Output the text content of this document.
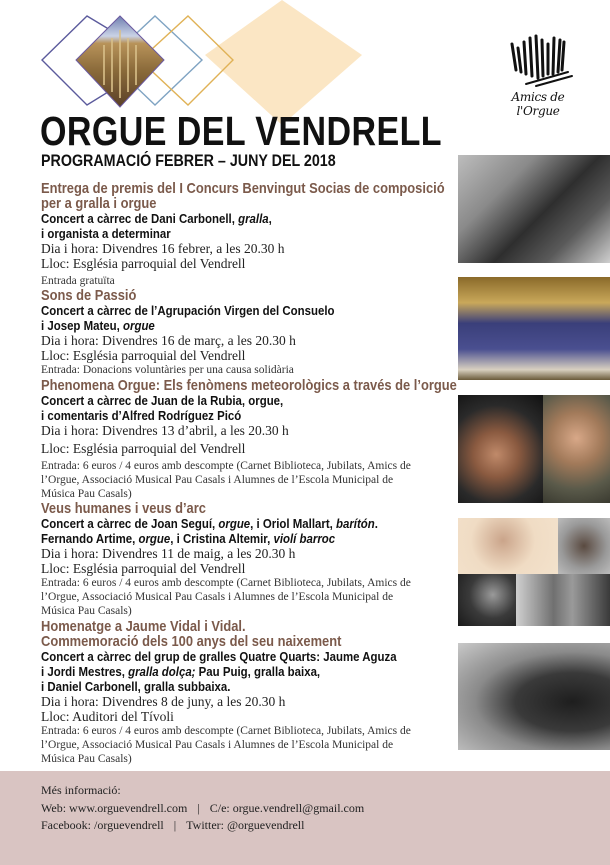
Amics de l'Orgue
ORGUE DEL VENDRELL
PROGRAMACIÓ FEBRER – JUNY DEL 2018
Entrega de premis del I Concurs Benvingut Socias de composició
per a gralla i orgue
Concert a càrrec de Dani Carbonell, gralla,
i organista a determinar
Dia i hora: Divendres 16 febrer, a les 20.30 h
Lloc: Església parroquial del Vendrell
Entrada gratuïta
Sons de Passió
Concert a càrrec de l’Agrupación Virgen del Consuelo
i Josep Mateu, orgue
Dia i hora: Divendres 16 de març, a les 20.30 h
Lloc: Església parroquial del Vendrell
Entrada: Donacions voluntàries per una causa solidària
Phenomena Orgue: Els fenòmens meteorològics a través de l’orgue
Concert a càrrec de Juan de la Rubia, orgue,
i comentaris d’Alfred Rodríguez Picó
Dia i hora: Divendres 13 d’abril, a les 20.30 h
Lloc: Església parroquial del Vendrell
Entrada: 6 euros / 4 euros amb descompte (Carnet Biblioteca, Jubilats, Amics de l’Orgue, Associació Musical Pau Casals i Alumnes de l’Escola Municipal de Música Pau Casals)
Veus humanes i veus d’arc
Concert a càrrec de Joan Seguí, orgue, i Oriol Mallart, barítón.
Fernando Artime, orgue, i Cristina Altemir, violí barroc
Dia i hora: Divendres 11 de maig, a les 20.30 h
Lloc: Església parroquial del Vendrell
Entrada: 6 euros / 4 euros amb descompte (Carnet Biblioteca, Jubilats, Amics de l’Orgue, Associació Musical Pau Casals i Alumnes de l’Escola Municipal de Música Pau Casals)
Homenatge a Jaume Vidal i Vidal.
Commemoració dels 100 anys del seu naixement
Concert a càrrec del grup de gralles Quatre Quarts: Jaume Aguza
i Jordi Mestres, gralla dolça; Pau Puig, gralla baixa,
i Daniel Carbonell, gralla subbaixa.
Dia i hora: Divendres 8 de juny, a les 20.30 h
Lloc: Auditori del Tívoli
Entrada: 6 euros / 4 euros amb descompte (Carnet Biblioteca, Jubilats, Amics de l’Orgue, Associació Musical Pau Casals i Alumnes de l’Escola Municipal de Música Pau Casals)
Més informació:
Web: www.orguevendrell.com | C/e: orgue.vendrell@gmail.com
Facebook: /orguevendrell | Twitter: @orguevendrell
